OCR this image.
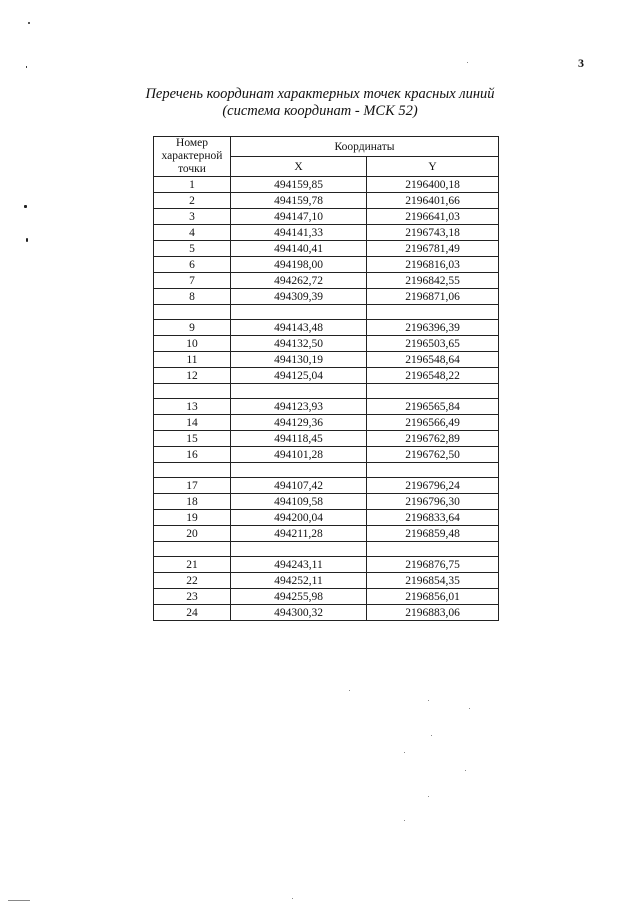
3
Перечень координат характерных точек красных линий
(система координат - МСК 52)
Номер характерной точки	Координаты	
	X	Y
1	494159,85	2196400,18
2	494159,78	2196401,66
3	494147,10	2196641,03
4	494141,33	2196743,18
5	494140,41	2196781,49
6	494198,00	2196816,03
7	494262,72	2196842,55
8	494309,39	2196871,06

9	494143,48	2196396,39
10	494132,50	2196503,65
11	494130,19	2196548,64
12	494125,04	2196548,22

13	494123,93	2196565,84
14	494129,36	2196566,49
15	494118,45	2196762,89
16	494101,28	2196762,50

17	494107,42	2196796,24
18	494109,58	2196796,30
19	494200,04	2196833,64
20	494211,28	2196859,48

21	494243,11	2196876,75
22	494252,11	2196854,35
23	494255,98	2196856,01
24	494300,32	2196883,06
